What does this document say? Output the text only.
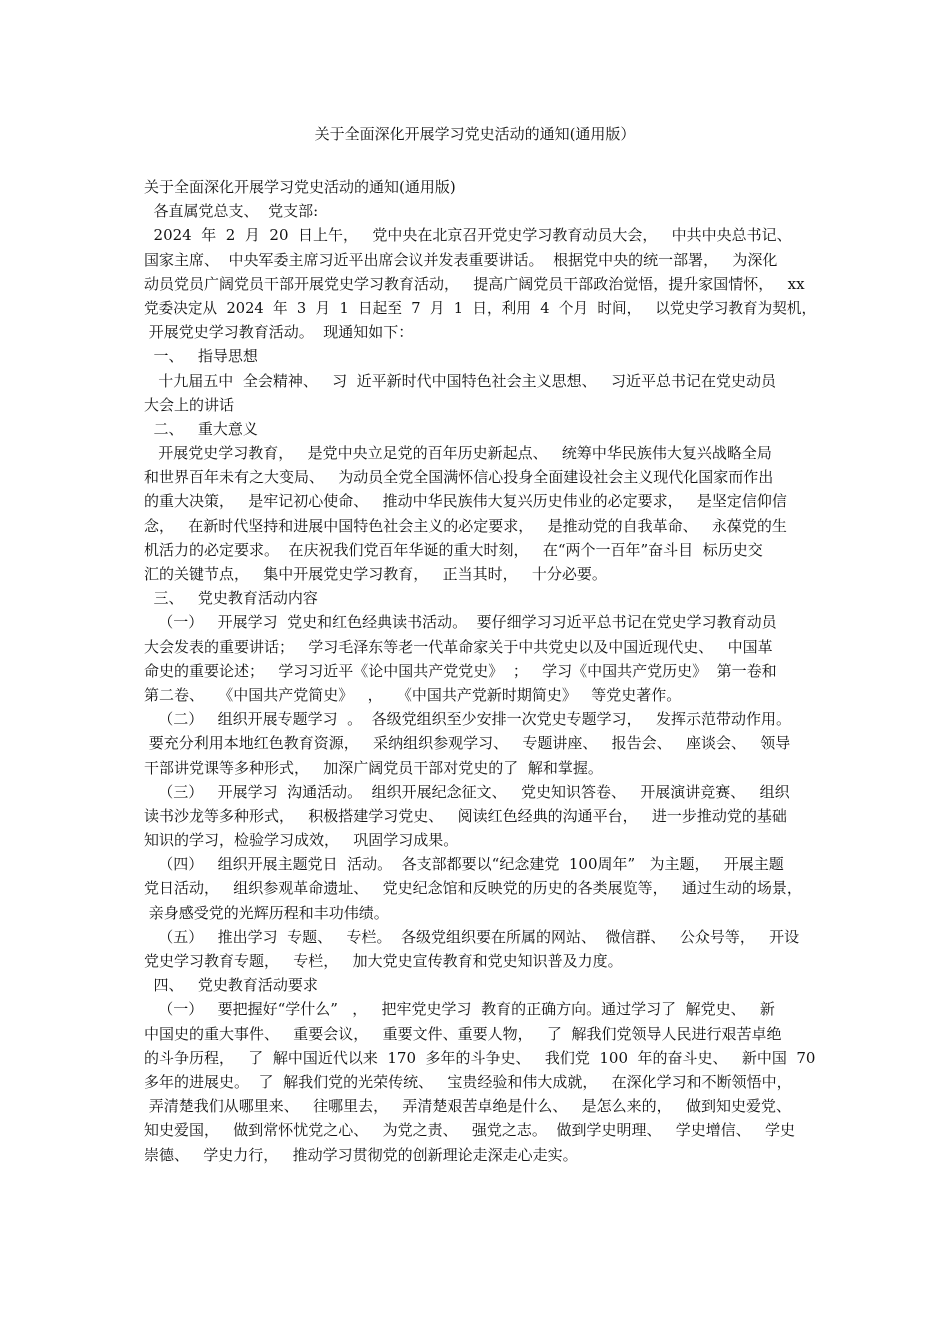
关于全面深化开展学习党史活动的通知(通用版）
关于全面深化开展学习党史活动的通知(通用版)
各直属党总支、  党支部:
2024  年  2  月  20  日上午，   党中央在北京召开党史学习教育动员大会，   中共中央总书记、
国家主席、  中央军委主席习近平出席会议并发表重要讲话。  根据党中央的统一部署，   为深化
动员党员广阔党员干部开展党史学习教育活动，   提高广阔党员干部政治觉悟，提升家国情怀，   xx
党委决定从  2024  年  3  月  1  日起至  7  月  1  日，利用  4  个月  时间，   以党史学习教育为契机，
开展党史学习教育活动。  现通知如下：
一、   指导思想
十九届五中  全会精神、   习  近平新时代中国特色社会主义思想、   习近平总书记在党史动员
大会上的讲话
二、   重大意义
开展党史学习教育，   是党中央立足党的百年历史新起点、   统筹中华民族伟大复兴战略全局
和世界百年未有之大变局、   为动员全党全国满怀信心投身全面建设社会主义现代化国家而作出
的重大决策，   是牢记初心使命、   推动中华民族伟大复兴历史伟业的必定要求，   是坚定信仰信
念，   在新时代坚持和进展中国特色社会主义的必定要求，   是推动党的自我革命、   永葆党的生
机活力的必定要求。  在庆祝我们党百年华诞的重大时刻，   在“两个一百年”奋斗目  标历史交
汇的关键节点，   集中开展党史学习教育，   正当其时，   十分必要。
三、   党史教育活动内容
（一）   开展学习  党史和红色经典读书活动。  要仔细学习习近平总书记在党史学习教育动员
大会发表的重要讲话；   学习毛泽东等老一代革命家关于中共党史以及中国近现代史、   中国革
命史的重要论述；   学习习近平《论中国共产党党史》  ；   学习《中国共产党历史》  第一卷和
第二卷、   《中国共产党简史》   ，   《中国共产党新时期简史》   等党史著作。
（二）   组织开展专题学习  。  各级党组织至少安排一次党史专题学习，   发挥示范带动作用。
要充分利用本地红色教育资源，   采纳组织参观学习、   专题讲座、   报告会、   座谈会、   领导
干部讲党课等多种形式，   加深广阔党员干部对党史的了  解和掌握。
（三）   开展学习  沟通活动。  组织开展纪念征文、   党史知识答卷、   开展演讲竞赛、   组织
读书沙龙等多种形式，   积极搭建学习党史、   阅读红色经典的沟通平台，   进一步推动党的基础
知识的学习，检验学习成效，   巩固学习成果。
（四）   组织开展主题党日  活动。  各支部都要以“纪念建党  100周年”   为主题，   开展主题
党日活动，   组织参观革命遗址、   党史纪念馆和反映党的历史的各类展览等，   通过生动的场景，
亲身感受党的光辉历程和丰功伟绩。
（五）   推出学习  专题、   专栏。  各级党组织要在所属的网站、  微信群、   公众号等，   开设
党史学习教育专题，   专栏，   加大党史宣传教育和党史知识普及力度。
四、   党史教育活动要求
（一）   要把握好“学什么”   ，   把牢党史学习  教育的正确方向。通过学习了  解党史、   新
中国史的重大事件、   重要会议，   重要文件、重要人物，   了  解我们党领导人民进行艰苦卓绝
的斗争历程，   了  解中国近代以来  170  多年的斗争史、   我们党  100  年的奋斗史、   新中国  70
多年的进展史。  了  解我们党的光荣传统、   宝贵经验和伟大成就，   在深化学习和不断领悟中，
弄清楚我们从哪里来、   往哪里去，   弄清楚艰苦卓绝是什么、   是怎么来的，   做到知史爱党、
知史爱国，   做到常怀忧党之心、   为党之责、   强党之志。  做到学史明理、   学史增信、   学史
崇德、   学史力行，   推动学习贯彻党的创新理论走深走心走实。
